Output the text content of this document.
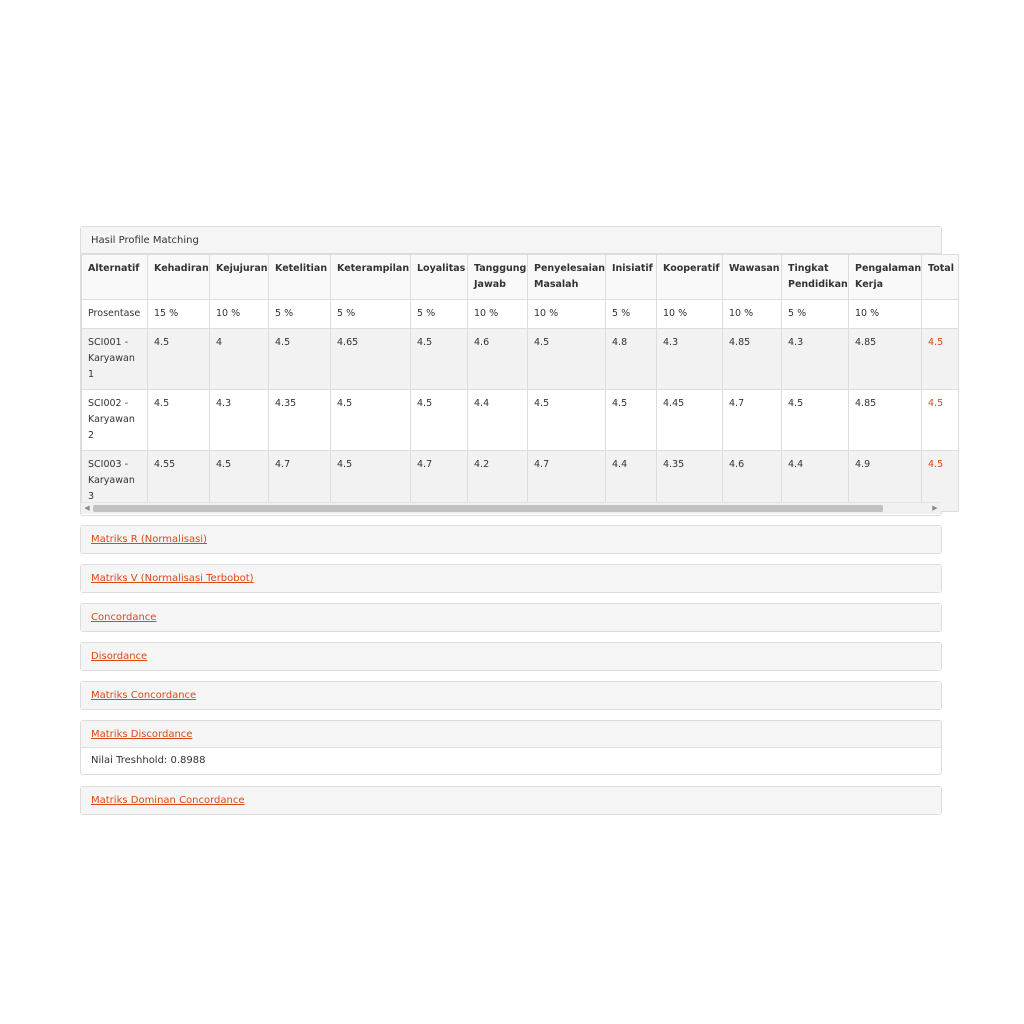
Hasil Profile Matching
Alternatif	Kehadiran	Kejujuran	Ketelitian	Keterampilan	Loyalitas	Tanggung Jawab	Penyelesaian Masalah	Inisiatif	Kooperatif	Wawasan	Tingkat Pendidikan	Pengalaman Kerja	Total
Prosentase	15 %	10 %	5 %	5 %	5 %	10 %	10 %	5 %	10 %	10 %	5 %	10 %	
SCI001 - Karyawan 1	4.5	4	4.5	4.65	4.5	4.6	4.5	4.8	4.3	4.85	4.3	4.85	4.5
SCI002 - Karyawan 2	4.5	4.3	4.35	4.5	4.5	4.4	4.5	4.5	4.45	4.7	4.5	4.85	4.5
SCI003 - Karyawan 3	4.55	4.5	4.7	4.5	4.7	4.2	4.7	4.4	4.35	4.6	4.4	4.9	4.5
◀	▶
Matriks R (Normalisasi)
Matriks V (Normalisasi Terbobot)
Concordance
Disordance
Matriks Concordance
Matriks Discordance
Nilai Treshhold: 0.8988
Matriks Dominan Concordance
